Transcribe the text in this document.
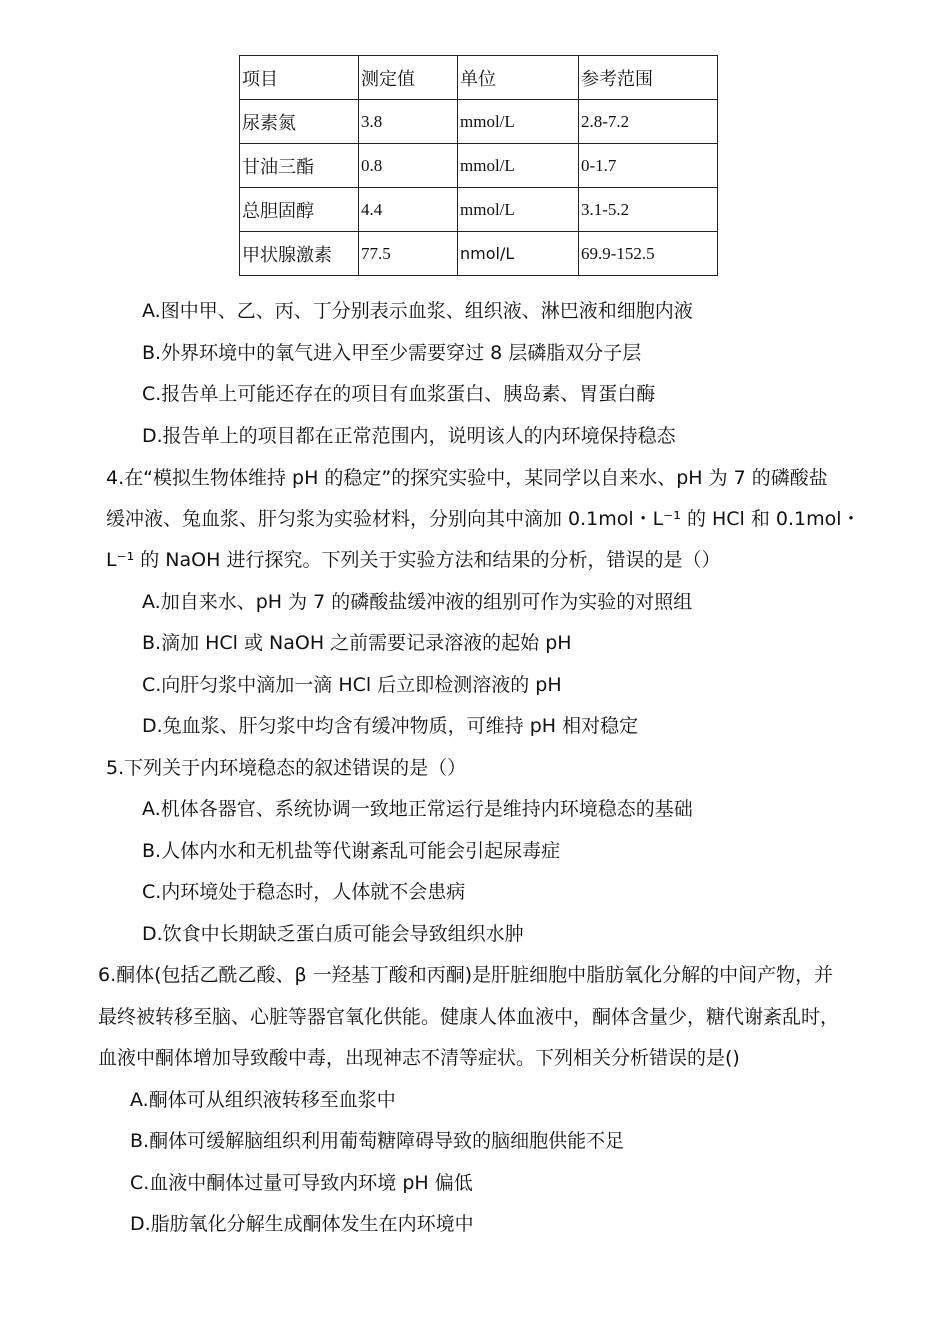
项目	测定值	单位	参考范围
尿素氮	3.8	mmol/L	2.8-7.2
甘油三酯	0.8	mmol/L	0-1.7
总胆固醇	4.4	mmol/L	3.1-5.2
甲状腺激素	77.5	nmol/L	69.9-152.5
A.图中甲、乙、丙、丁分别表示血浆、组织液、淋巴液和细胞内液
B.外界环境中的氧气进入甲至少需要穿过 8 层磷脂双分子层
C.报告单上可能还存在的项目有血浆蛋白、胰岛素、胃蛋白酶
D.报告单上的项目都在正常范围内，说明该人的内环境保持稳态
4.在“模拟生物体维持 pH 的稳定”的探究实验中，某同学以自来水、pH 为 7 的磷酸盐
缓冲液、兔血浆、肝匀浆为实验材料，分别向其中滴加 0.1mol・L⁻¹ 的 HCl 和 0.1mol・
L⁻¹ 的 NaOH 进行探究。下列关于实验方法和结果的分析，错误的是（）
A.加自来水、pH 为 7 的磷酸盐缓冲液的组别可作为实验的对照组
B.滴加 HCl 或 NaOH 之前需要记录溶液的起始 pH
C.向肝匀浆中滴加一滴 HCl 后立即检测溶液的 pH
D.兔血浆、肝匀浆中均含有缓冲物质，可维持 pH 相对稳定
5.下列关于内环境稳态的叙述错误的是（）
A.机体各器官、系统协调一致地正常运行是维持内环境稳态的基础
B.人体内水和无机盐等代谢紊乱可能会引起尿毒症
C.内环境处于稳态时，人体就不会患病
D.饮食中长期缺乏蛋白质可能会导致组织水肿
6.酮体(包括乙酰乙酸、β 一羟基丁酸和丙酮)是肝脏细胞中脂肪氧化分解的中间产物，并
最终被转移至脑、心脏等器官氧化供能。健康人体血液中，酮体含量少，糖代谢紊乱时，
血液中酮体增加导致酸中毒，出现神志不清等症状。下列相关分析错误的是()
A.酮体可从组织液转移至血浆中
B.酮体可缓解脑组织利用葡萄糖障碍导致的脑细胞供能不足
C.血液中酮体过量可导致内环境 pH 偏低
D.脂肪氧化分解生成酮体发生在内环境中
